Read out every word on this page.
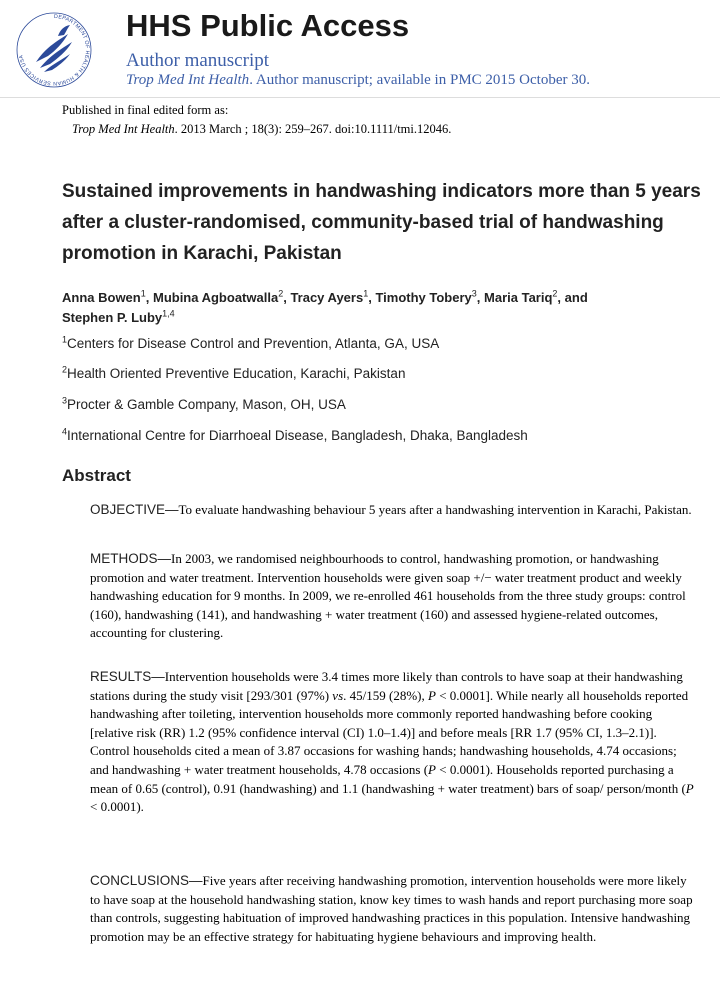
DEPARTMENT OF HEALTH & HUMAN SERVICES USA
HHS Public Access
Author manuscript
Trop Med Int Health. Author manuscript; available in PMC 2015 October 30.
Published in final edited form as:
Trop Med Int Health. 2013 March ; 18(3): 259–267. doi:10.1111/tmi.12046.
Sustained improvements in handwashing indicators more than 5 years after a cluster-randomised, community-based trial of handwashing promotion in Karachi, Pakistan
Anna Bowen$^1$, Mubina Agboatwalla$^2$, Tracy Ayers$^1$, Timothy Tobery$^3$, Maria Tariq$^2$, and
Stephen P. Luby$^{1,4}$
$^1$Centers for Disease Control and Prevention, Atlanta, GA, USA
$^2$Health Oriented Preventive Education, Karachi, Pakistan
$^3$Procter & Gamble Company, Mason, OH, USA
$^4$International Centre for Diarrhoeal Disease, Bangladesh, Dhaka, Bangladesh
Abstract
OBJECTIVE—To evaluate handwashing behaviour 5 years after a handwashing intervention in Karachi, Pakistan.
METHODS—In 2003, we randomised neighbourhoods to control, handwashing promotion, or handwashing promotion and water treatment. Intervention households were given soap +/− water treatment product and weekly handwashing education for 9 months. In 2009, we re-enrolled 461 households from the three study groups: control (160), handwashing (141), and handwashing + water treatment (160) and assessed hygiene-related outcomes, accounting for clustering.
RESULTS—Intervention households were 3.4 times more likely than controls to have soap at their handwashing stations during the study visit [293/301 (97%) vs. 45/159 (28%), P < 0.0001]. While nearly all households reported handwashing after toileting, intervention households more commonly reported handwashing before cooking [relative risk (RR) 1.2 (95% confidence interval (CI) 1.0–1.4)] and before meals [RR 1.7 (95% CI, 1.3–2.1)]. Control households cited a mean of 3.87 occasions for washing hands; handwashing households, 4.74 occasions; and handwashing + water treatment households, 4.78 occasions (P < 0.0001). Households reported purchasing a mean of 0.65 (control), 0.91 (handwashing) and 1.1 (handwashing + water treatment) bars of soap/ person/month (P < 0.0001).
CONCLUSIONS—Five years after receiving handwashing promotion, intervention households were more likely to have soap at the household handwashing station, know key times to wash hands and report purchasing more soap than controls, suggesting habituation of improved handwashing practices in this population. Intensive handwashing promotion may be an effective strategy for habituating hygiene behaviours and improving health.
